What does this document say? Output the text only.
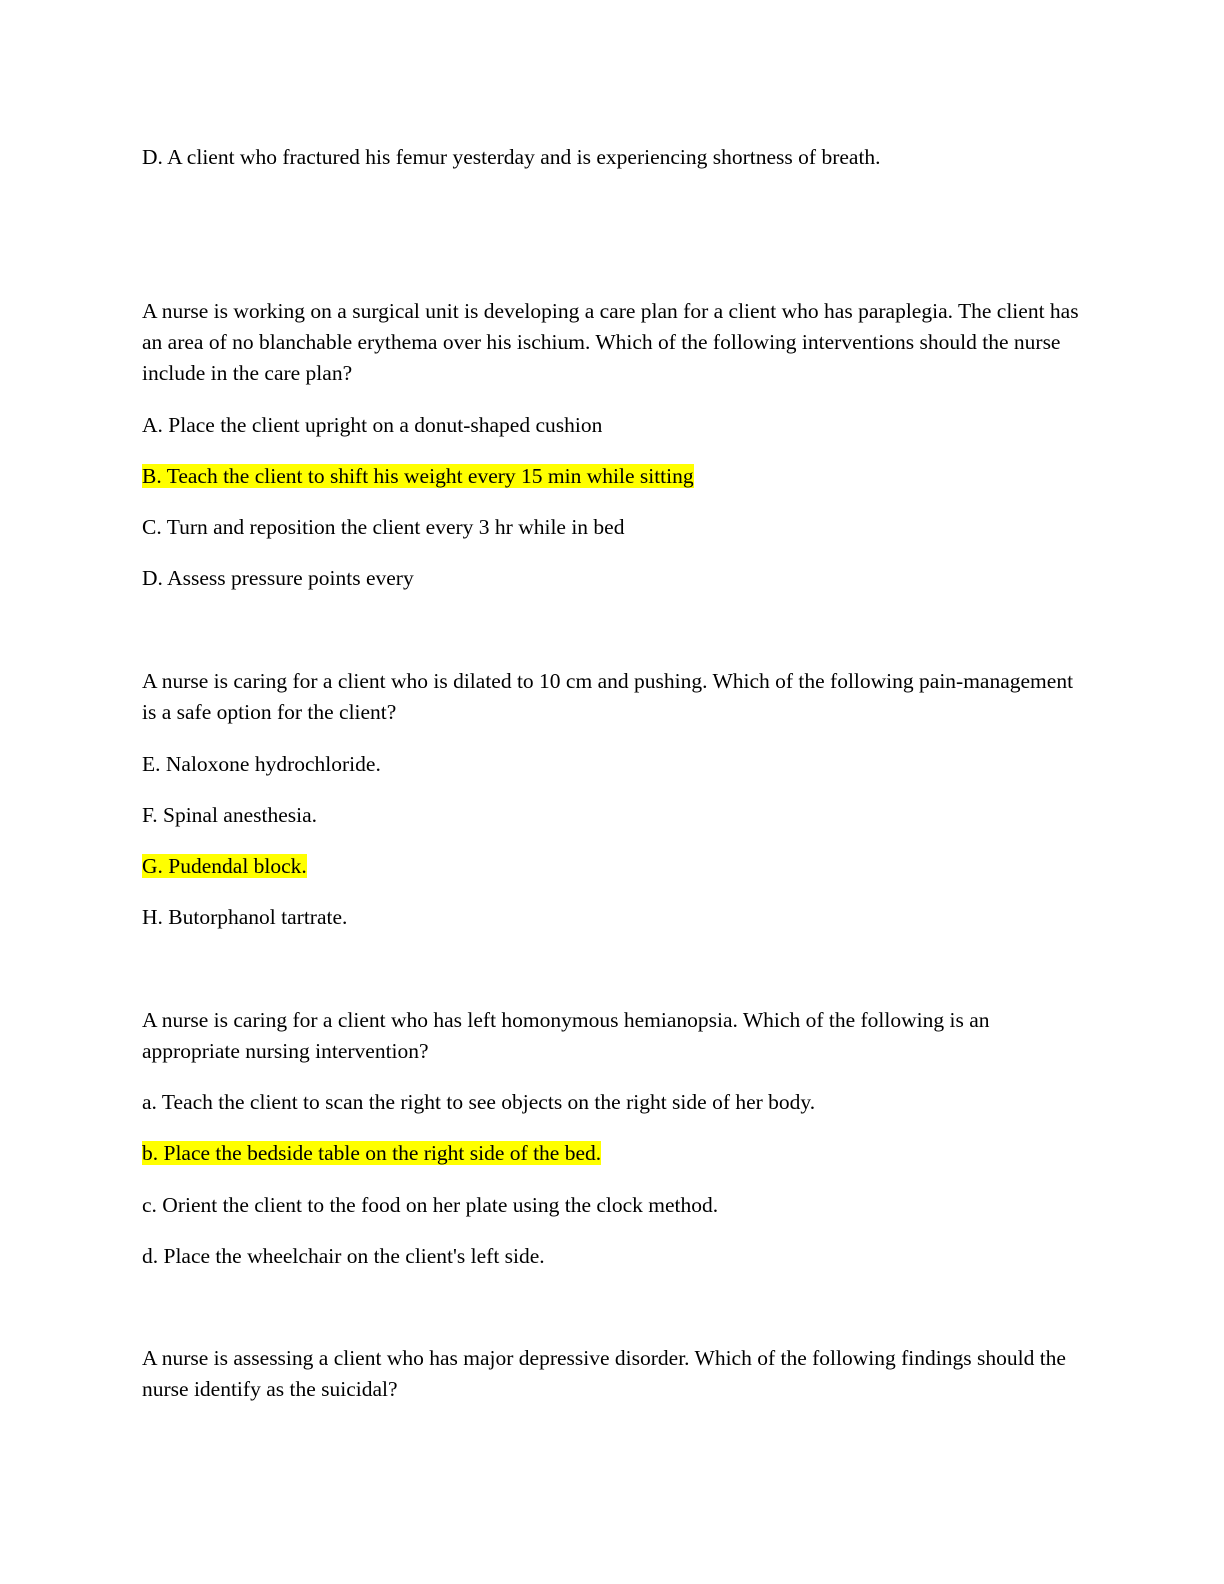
D. A client who fractured his femur yesterday and is experiencing shortness of breath.
A nurse is working on a surgical unit is developing a care plan for a client who has paraplegia. The client has an area of no blanchable erythema over his ischium. Which of the following interventions should the nurse include in the care plan?
A. Place the client upright on a donut-shaped cushion
B. Teach the client to shift his weight every 15 min while sitting
C. Turn and reposition the client every 3 hr while in bed
D. Assess pressure points every
A nurse is caring for a client who is dilated to 10 cm and pushing. Which of the following pain-management is a safe option for the client?
E. Naloxone hydrochloride.
F. Spinal anesthesia.
G. Pudendal block.
H. Butorphanol tartrate.
A nurse is caring for a client who has left homonymous hemianopsia. Which of the following is an appropriate nursing intervention?
a. Teach the client to scan the right to see objects on the right side of her body.
b. Place the bedside table on the right side of the bed.
c. Orient the client to the food on her plate using the clock method.
d. Place the wheelchair on the client's left side.
A nurse is assessing a client who has major depressive disorder. Which of the following findings should the nurse identify as the suicidal?
